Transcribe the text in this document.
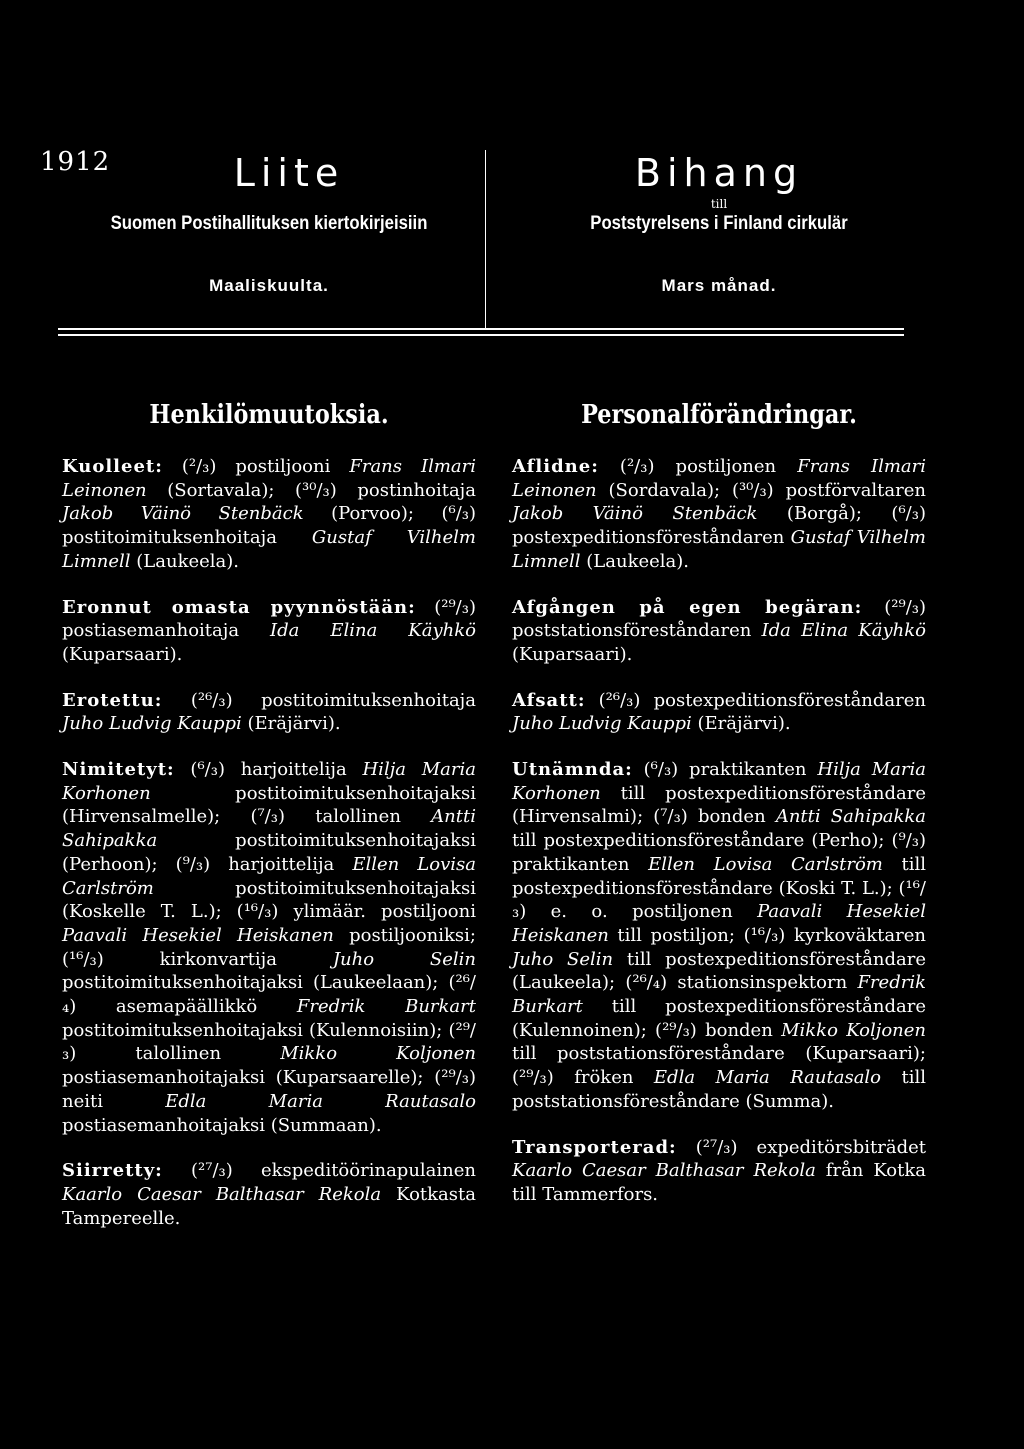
1912	Liite
Suomen Postihallituksen kiertokirjeisiin
Maaliskuulta.
Bihang
till
Poststyrelsens i Finland cirkulär
Mars månad.
Henkilömuutoksia.	Personalförändringar.

Kuolleet: (²/₃) postiljooni Frans Ilmari Leinonen (Sortavala); (³⁰/₃) postinhoitaja Jakob Väinö Stenbäck (Porvoo); (⁶/₃) postitoimituksenhoitaja Gustaf Vilhelm Limnell (Laukeela).

Eronnut omasta pyynnöstään: (²⁹/₃) postiasemanhoitaja Ida Elina Käyhkö (Kuparsaari).

Erotettu: (²⁶/₃) postitoimituksenhoitaja Juho Ludvig Kauppi (Eräjärvi).

Nimitetyt: (⁶/₃) harjoittelija Hilja Maria Korhonen postitoimituksenhoitajaksi (Hirvensalmelle); (⁷/₃) talollinen Antti Sahipakka postitoimituksenhoitajaksi (Perhoon); (⁹/₃) harjoittelija Ellen Lovisa Carlström postitoimituksenhoitajaksi (Koskelle T. L.); (¹⁶/₃) ylimäär. postiljooni Paavali Hesekiel Heiskanen postiljooniksi; (¹⁶/₃) kirkonvartija Juho Selin postitoimituksenhoitajaksi (Laukeelaan); (²⁶/₄) asemapäällikkö Fredrik Burkart postitoimituksenhoitajaksi (Kulennoisiin); (²⁹/₃) talollinen Mikko Koljonen postiasemanhoitajaksi (Kuparsaarelle); (²⁹/₃) neiti Edla Maria Rautasalo postiasemanhoitajaksi (Summaan).

Siirretty: (²⁷/₃) ekspeditöörinapulainen Kaarlo Caesar Balthasar Rekola Kotkasta Tampereelle.

Aflidne: (²/₃) postiljonen Frans Ilmari Leinonen (Sordavala); (³⁰/₃) postförvaltaren Jakob Väinö Stenbäck (Borgå); (⁶/₃) postexpeditionsföreståndaren Gustaf Vilhelm Limnell (Laukeela).

Afgången på egen begäran: (²⁹/₃) poststationsföreståndaren Ida Elina Käyhkö (Kuparsaari).

Afsatt: (²⁶/₃) postexpeditionsföreståndaren Juho Ludvig Kauppi (Eräjärvi).

Utnämnda: (⁶/₃) praktikanten Hilja Maria Korhonen till postexpeditionsföreståndare (Hirvensalmi); (⁷/₃) bonden Antti Sahipakka till postexpeditionsföreståndare (Perho); (⁹/₃) praktikanten Ellen Lovisa Carlström till postexpeditionsföreståndare (Koski T. L.); (¹⁶/₃) e. o. postiljonen Paavali Hesekiel Heiskanen till postiljon; (¹⁶/₃) kyrkoväktaren Juho Selin till postexpeditionsföreståndare (Laukeela); (²⁶/₄) stationsinspektorn Fredrik Burkart till postexpeditionsföreståndare (Kulennoinen); (²⁹/₃) bonden Mikko Koljonen till poststationsföreståndare (Kuparsaari); (²⁹/₃) fröken Edla Maria Rautasalo till poststationsföreståndare (Summa).

Transporterad: (²⁷/₃) expeditörsbiträdet Kaarlo Caesar Balthasar Rekola från Kotka till Tammerfors.
